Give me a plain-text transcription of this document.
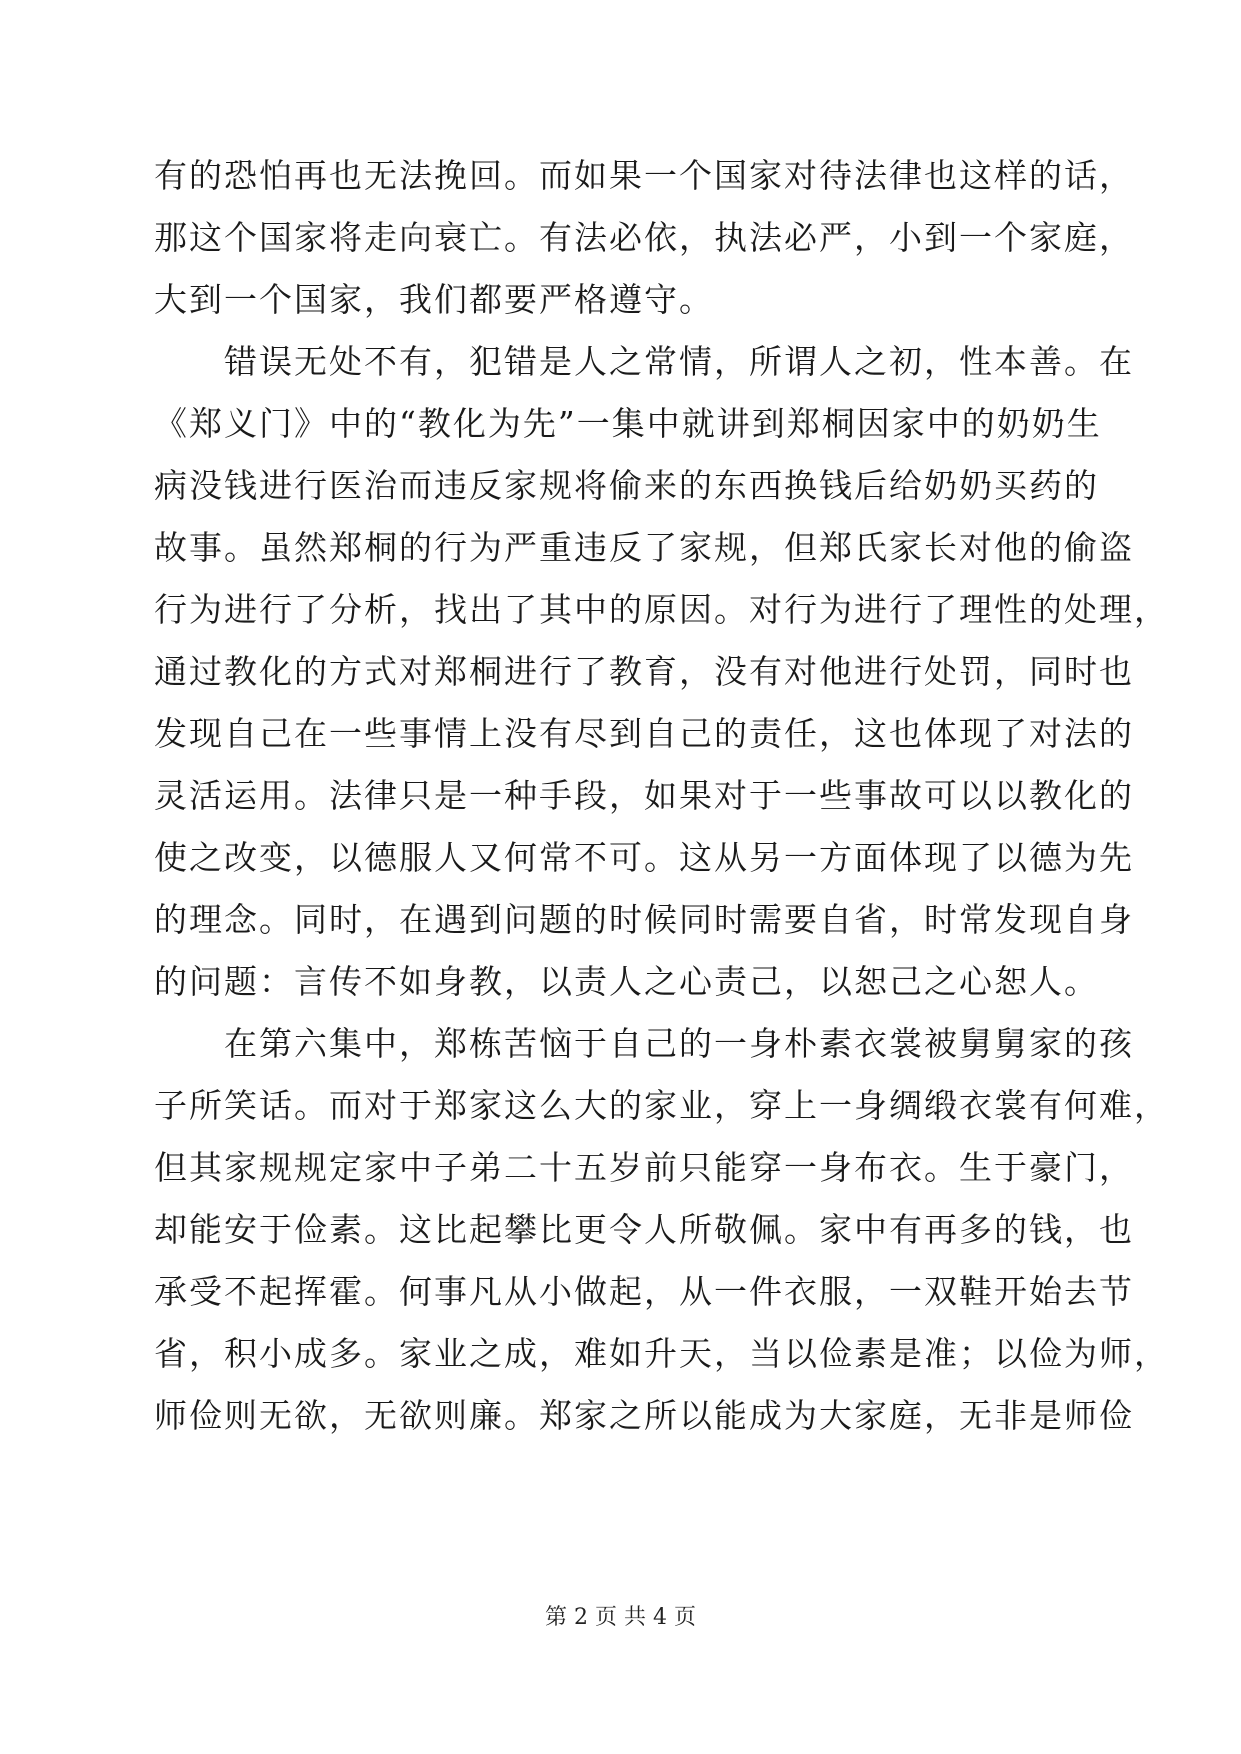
有的恐怕再也无法挽回。而如果一个国家对待法律也这样的话，
那这个国家将走向衰亡。有法必依，执法必严，小到一个家庭，
大到一个国家，我们都要严格遵守。
错误无处不有，犯错是人之常情，所谓人之初，性本善。在
《郑义门》中的“教化为先”一集中就讲到郑桐因家中的奶奶生
病没钱进行医治而违反家规将偷来的东西换钱后给奶奶买药的
故事。虽然郑桐的行为严重违反了家规，但郑氏家长对他的偷盗
行为进行了分析，找出了其中的原因。对行为进行了理性的处理，
通过教化的方式对郑桐进行了教育，没有对他进行处罚，同时也
发现自己在一些事情上没有尽到自己的责任，这也体现了对法的
灵活运用。法律只是一种手段，如果对于一些事故可以以教化的
使之改变，以德服人又何常不可。这从另一方面体现了以德为先
的理念。同时，在遇到问题的时候同时需要自省，时常发现自身
的问题：言传不如身教，以责人之心责己，以恕己之心恕人。
在第六集中，郑栋苦恼于自己的一身朴素衣裳被舅舅家的孩
子所笑话。而对于郑家这么大的家业，穿上一身绸缎衣裳有何难，
但其家规规定家中子弟二十五岁前只能穿一身布衣。生于豪门，
却能安于俭素。这比起攀比更令人所敬佩。家中有再多的钱，也
承受不起挥霍。何事凡从小做起，从一件衣服，一双鞋开始去节
省，积小成多。家业之成，难如升天，当以俭素是准；以俭为师，
师俭则无欲，无欲则廉。郑家之所以能成为大家庭，无非是师俭
第 2 页 共 4 页
